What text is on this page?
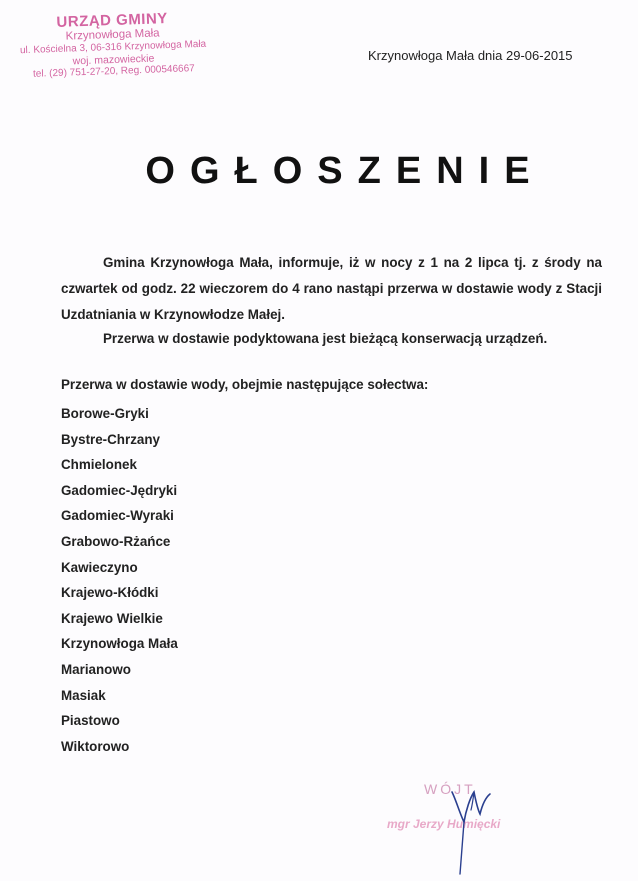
URZĄD GMINY
Krzynowłoga Mała
ul. Kościelna 3, 06-316 Krzynowłoga Mała
woj. mazowieckie
tel. (29) 751-27-20, Reg. 000546667
Krzynowłoga Mała dnia 29-06-2015
OGŁOSZENIE

Gmina Krzynowłoga Mała, informuje, iż w nocy z 1 na 2 lipca tj. z środy na czwartek od godz. 22 wieczorem do 4 rano nastąpi przerwa w dostawie wody z Stacji Uzdatniania w Krzynowłodze Małej.

Przerwa w dostawie podyktowana jest bieżącą konserwacją urządzeń.

Przerwa w dostawie wody, obejmie następujące sołectwa:
Borowe-Gryki
Bystre-Chrzany
Chmielonek
Gadomiec-Jędryki
Gadomiec-Wyraki
Grabowo-Rżańce
Kawieczyno
Krajewo-Kłódki
Krajewo Wielkie
Krzynowłoga Mała
Marianowo
Masiak
Piastowo
Wiktorowo
WÓJT
mgr Jerzy Humięcki
